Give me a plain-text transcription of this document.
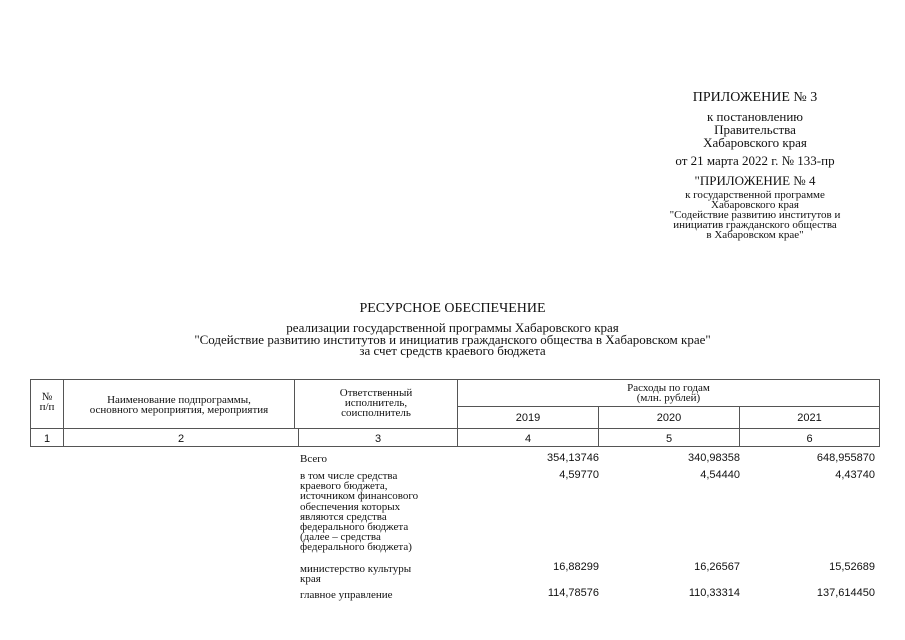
ПРИЛОЖЕНИЕ № 3
к постановлению
Правительства
Хабаровского края
от 21 марта 2022 г. № 133-пр
"ПРИЛОЖЕНИЕ № 4
к государственной программе
Хабаровского края
"Содействие развитию институтов и
инициатив гражданского общества
в Хабаровском крае"
РЕСУРСНОЕ ОБЕСПЕЧЕНИЕ
реализации государственной программы Хабаровского края
"Содействие развитию институтов и инициатив гражданского общества в Хабаровском крае"
за счет средств краевого бюджета
№
п/п
Наименование подпрограммы,
основного мероприятия, мероприятия
Ответственный
исполнитель,
соисполнитель
Расходы по годам
(млн. рублей)
2019	2020	2021
1	2	3	4	5	6
Всего	354,13746	340,98358	648,955870
в том числе средства
краевого бюджета,
источником финансового
обеспечения которых
являются средства
федерального бюджета
(далее – средства
федерального бюджета)
4,59770	4,54440	4,43740
министерство культуры
края
16,88299	16,26567	15,52689
главное управление	114,78576	110,33314	137,614450
